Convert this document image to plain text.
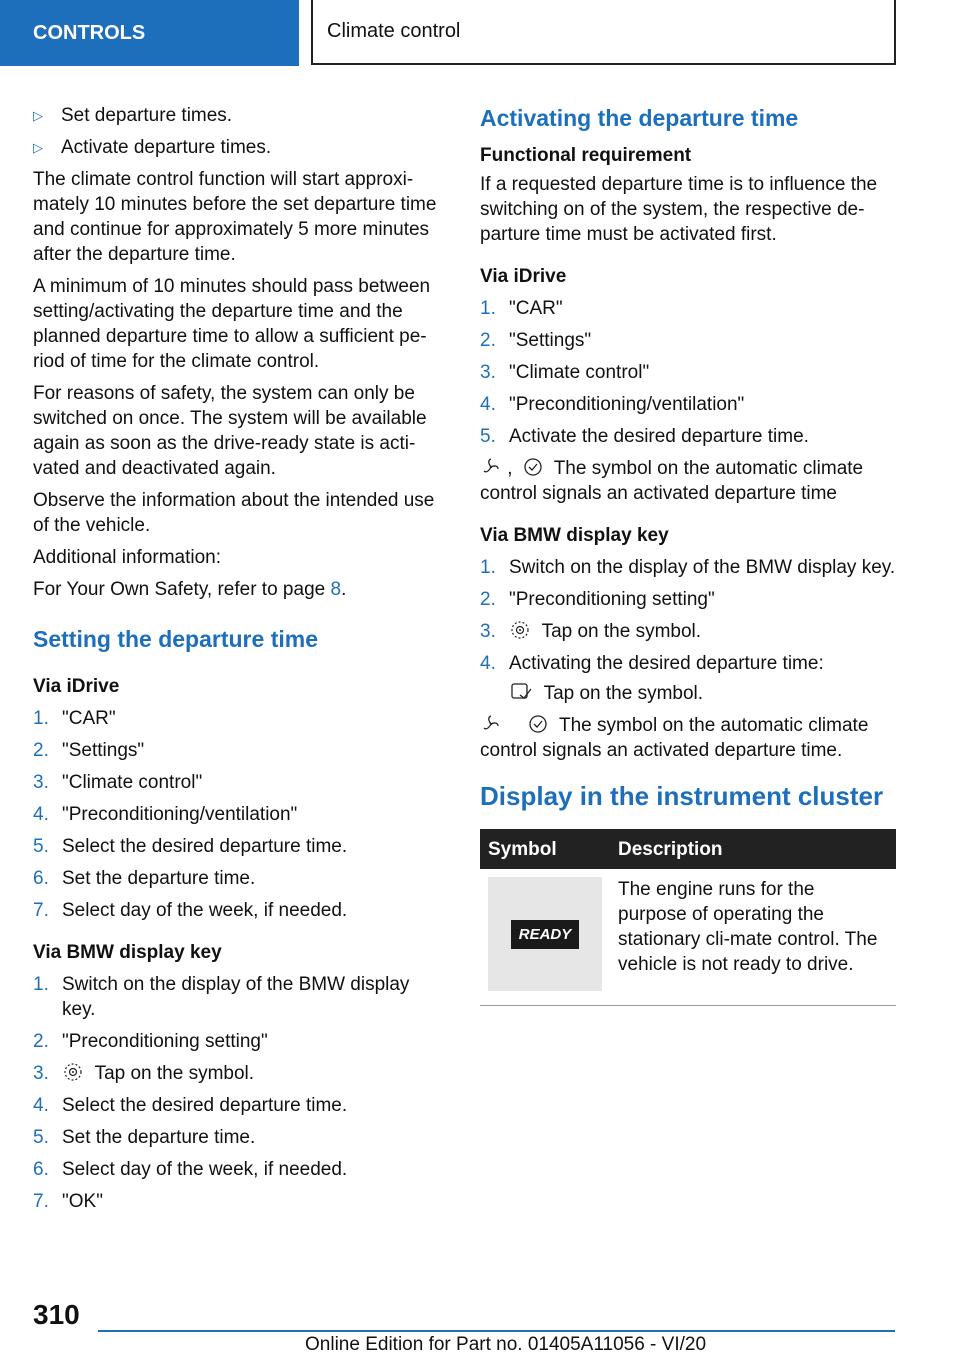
CONTROLS	Climate control
▷ Set departure times.
▷ Activate departure times.

The climate control function will start approxi-mately 10 minutes before the set departure time and continue for approximately 5 more minutes after the departure time.

A minimum of 10 minutes should pass between setting/activating the departure time and the planned departure time to allow a sufficient pe-riod of time for the climate control.

For reasons of safety, the system can only be switched on once. The system will be available again as soon as the drive-ready state is acti-vated and deactivated again.

Observe the information about the intended use of the vehicle.

Additional information:

For Your Own Safety, refer to page 8.

Setting the departure time
Via iDrive
1. "CAR"
2. "Settings"
3. "Climate control"
4. "Preconditioning/ventilation"
5. Select the desired departure time.
6. Set the departure time.
7. Select day of the week, if needed.
Via BMW display key
1. Switch on the display of the BMW display key.
2. "Preconditioning setting"
3.	Tap on the symbol.
4. Select the desired departure time.
5. Set the departure time.
6. Select day of the week, if needed.
7. "OK"
Activating the departure time
Functional requirement

If a requested departure time is to influence the switching on of the system, the respective de-parture time must be activated first.

Via iDrive
1. "CAR"
2. "Settings"
3. "Climate control"
4. "Preconditioning/ventilation"
5. Activate the desired departure time.

, The symbol on the automatic climate control signals an activated departure time

Via BMW display key
1. Switch on the display of the BMW display key.
2. "Preconditioning setting"
3.	Tap on the symbol.
4. Activating the desired departure time:

Tap on the symbol.

The symbol on the automatic climate control signals an activated departure time.

Display in the instrument cluster
Symbol	Description

READY	The engine runs for the purpose of operating the stationary cli-mate control. The vehicle is not ready to drive.
310
Online Edition for Part no. 01405A11056 - VI/20
